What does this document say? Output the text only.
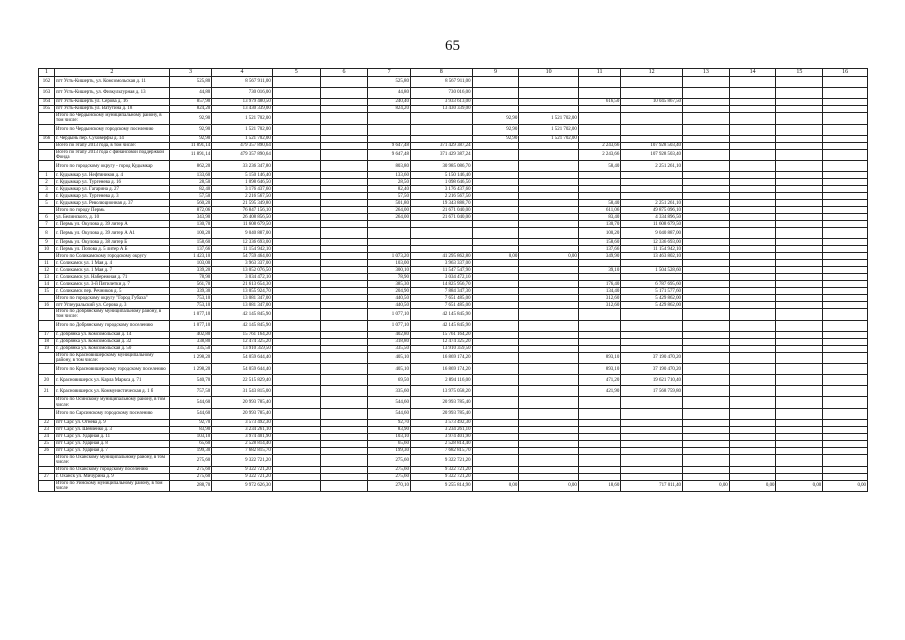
65
1	2	3	4	5	6	7	8	9	10	11	12	13	14	15	16
162	пгт Усть-Кишерть, ул. Комсомольская д. 11	525,80	8 567 911,00			525,80	8 567 911,00								
163	пгт Усть-Кишерть, ул. Физкультурная д. 13	44,80	730 016,00			44,80	730 016,00								
164	пгт Усть-Кишерть ул. Серова д. 16	857,90	13 979 480,50			240,40	3 933 613,00			616,50	10 045 867,50				
165	пгт Усть-Кишерть ул. Ватутина д. 18	824,20	13 430 339,00			824,20	13 430 339,00								
	Итого по Чердынскому муниципальному району, в том числе:	92,90	1 521 702,00					92,90	1 521 702,00						
	Итого по Чердынскому городскому поселению	92,90	1 521 702,00					92,90	1 521 702,00						
166	г. Чердынь пер. Суховерфы д. 14	92,90	1 521 702,00					92,90	1 521 702,00						
	Всего по этапу 2013 года, в том числе:	11 891,14	479 357 890,64			9 647,48	371 429 387,24			2 243,66	107 928 503,40				
	Всего по этапу 2013 года с финансовой поддержкой Фонда	11 891,14	479 357 890,64			9 647,48	371 429 387,24			2 243,66	107 928 503,40				
	Итого по городскому округу - город Кудымкар	862,20	33 236 347,80			803,80	30 985 086,70			58,40	2 251 261,10				
1	г. Кудымкар ул. Нефтяников д. 4	133,60	5 150 146,40			133,60	5 150 146,40								
2	г. Кудымкар ул. Тургенева д. 16	28,50	1 098 646,50			28,50	1 098 646,50								
3	г. Кудымкар ул. Гагарина д. 27	82,40	3 176 437,60			82,40	3 176 437,60								
4	г. Кудымкар ул. Тургенева д. 3	57,50	2 216 567,50			57,50	2 216 567,50								
5	г. Кудымкар ул. Революционная д. 37	560,20	21 595 349,80			501,80	19 343 888,70			58,40	2 251 261,10				
	Итого по городу Пермь	872,06	76 847 156,10			264,00	21 671 040,00			611,06	49 875 096,10				
6	ул. Белинского, д. 10	343,90	26 408 856,50			264,00	21 671 040,00			83,40	4 334 896,50				
7	г. Пермь ул. Окулова д. 39 литер А	130,70	11 608 679,50							130,70	11 608 679,50				
8	г. Пермь ул. Окулова д. 39 литер А А1	100,20	9 040 887,00							100,20	9 040 887,00				
9	г. Пермь ул. Окулова д. 38 литер Б	158,60	12 336 693,00							158,60	12 336 693,00				
10	г. Пермь ул. Попова д. 5 литер А Б	137,66	11 154 942,10							137,66	11 154 942,10				
	Итого по Соликамскому городскому округу	1 423,10	54 759 464,00			1 073,20	41 295 862,80	0,00	0,00	349,90	13 463 802,10				
11	г. Соликамск ул. 1 Мая д. 4	103,00	3 963 337,00			103,00	3 963 337,00								
12	г. Соликамск ул. 1 Мая д. 7	339,20	13 052 076,50			300,10	11 547 547,90			39,10	1 504 528,60				
13	г. Соликамск ул. Набережная д. 71	78,90	3 034 472,10			78,90	3 034 472,10								
14	г. Соликамск ул. 3-й Пятилетки д. 7	561,70	21 613 654,30			385,30	14 825 956,70			176,40	6 787 695,60				
15	г. Соликамск пер. Речников д. 5	339,30	13 055 924,70			204,90	7 884 347,30			134,40	5 171 577,60				
	Итого по городскому округу "Город Губаха"	753,10	13 081 347,00			440,50	7 651 485,00			312,60	5 429 862,00				
16	пгт Углеуральский ул. Серова д. 3	753,10	13 081 347,00			440,50	7 651 485,00			312,60	5 429 862,00				
	Итого по Добрянскому муниципальному району, в том числе:	1 077,10	42 145 845,90			1 077,10	42 145 845,90								
	Итого по Добрянскому городскому поселению	1 077,10	42 145 845,90			1 077,10	42 145 845,90								
17	г. Добрянка ул. Комсомольская д. 14	402,80	15 761 164,20			402,80	15 761 164,20								
18	г. Добрянка ул. Комсомольская д. 32	338,80	12 474 325,20			318,80	12 474 325,20								
19	г. Добрянка ул. Комсомольская д. 50	335,50	13 910 359,50			335,50	13 910 359,50								
	Итого по Красновишерскому муниципальному району, в том числе:	1 298,20	54 059 644,40			405,10	16 869 174,20			893,10	37 190 470,20				
	Итого по Красновишерскому городскому поселению	1 298,20	54 059 644,40			405,10	16 869 174,20			893,10	37 190 470,20				
20	г. Красновишерск ул. Карла Маркса д. 71	540,70	22 515 829,40			69,50	2 894 116,00			471,20	19 621 710,40				
21	г. Красновишерск ул. Коммунистическая д. 1 б	757,50	31 543 815,00			335,60	13 975 058,20			421,90	17 568 759,80				
	Итого по Осинскому муниципальному району, в том числе:	544,60	20 993 785,40			544,60	20 993 785,40								
	Итого по Сарсинскому городскому поселению	544,60	20 993 785,40			544,60	20 993 785,40								
22	пгт Сарс ул. Огнева д. 9	92,70	3 573 492,30			92,70	3 573 492,30								
23	пгт Сарс ул. Шевченко д. 3	83,90	3 234 261,10			83,90	3 234 261,10								
24	пгт Сарс ул. Ударная д. 11	103,10	3 974 401,90			103,10	3 974 401,90								
25	пгт Сарс ул. Ударная д. 8	65,60	2 528 814,40			65,60	2 528 814,40								
26	пгт Сарс ул. Ударная д. 7	199,30	7 682 815,70			199,30	7 682 815,70								
	Итого по Оханскому муниципальному району, в том числе:	275,60	9 322 721,20			275,60	9 322 721,20								
	Итого по Оханскому городскому поселению	275,60	9 322 721,20			275,60	9 322 721,20								
27	г. Оханск ул. Мичурина д. 9	275,60	9 322 721,20			275,60	9 322 721,20								
	Итого по Уинскому муниципальному району, в том числе	288,70	9 972 626,30			270,10	9 255 814,90	0,00	0,00	18,60	717 011,40	0,00	0,00	0,00	0,00
